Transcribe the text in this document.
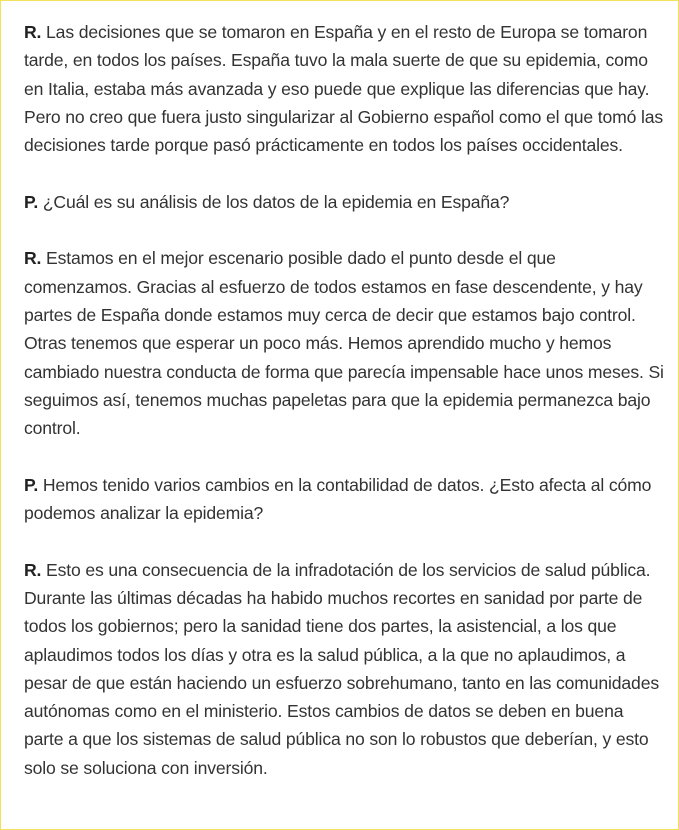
R. Las decisiones que se tomaron en España y en el resto de Europa se tomaron tarde, en todos los países. España tuvo la mala suerte de que su epidemia, como en Italia, estaba más avanzada y eso puede que explique las diferencias que hay. Pero no creo que fuera justo singularizar al Gobierno español como el que tomó las decisiones tarde porque pasó prácticamente en todos los países occidentales.

P. ¿Cuál es su análisis de los datos de la epidemia en España?

R. Estamos en el mejor escenario posible dado el punto desde el que comenzamos. Gracias al esfuerzo de todos estamos en fase descendente, y hay partes de España donde estamos muy cerca de decir que estamos bajo control. Otras tenemos que esperar un poco más. Hemos aprendido mucho y hemos cambiado nuestra conducta de forma que parecía impensable hace unos meses. Si seguimos así, tenemos muchas papeletas para que la epidemia permanezca bajo control.

P. Hemos tenido varios cambios en la contabilidad de datos. ¿Esto afecta al cómo podemos analizar la epidemia?

R. Esto es una consecuencia de la infradotación de los servicios de salud pública. Durante las últimas décadas ha habido muchos recortes en sanidad por parte de todos los gobiernos; pero la sanidad tiene dos partes, la asistencial, a los que aplaudimos todos los días y otra es la salud pública, a la que no aplaudimos, a pesar de que están haciendo un esfuerzo sobrehumano, tanto en las comunidades autónomas como en el ministerio. Estos cambios de datos se deben en buena parte a que los sistemas de salud pública no son lo robustos que deberían, y esto solo se soluciona con inversión.
